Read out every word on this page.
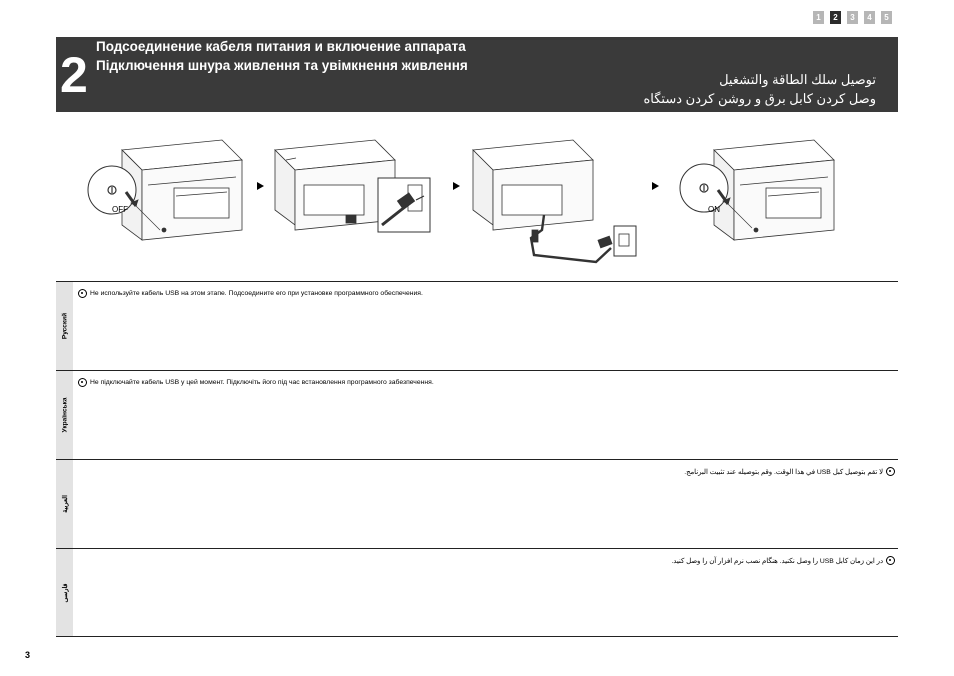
1	2	3	4	5
2
Подсоединение кабеля питания и включение аппарата
Підключення шнура живлення та увімкнення живлення
توصيل سلك الطاقة والتشغيل
وصل کردن کابل برق و روشن کردن دستگاه
OFF	ON
Русский
Не используйте кабель USB на этом этапе. Подсоедините его при установке программного обеспечения.
Українська
Не підключайте кабель USB у цей момент. Підключіть його під час встановлення програмного забезпечення.
العربية
لا تقم بتوصيل كبل USB في هذا الوقت. وقم بتوصيله عند تثبيت البرنامج.
فارسی
در این زمان کابل USB را وصل نکنید. هنگام نصب نرم افزار آن را وصل کنید.
3
